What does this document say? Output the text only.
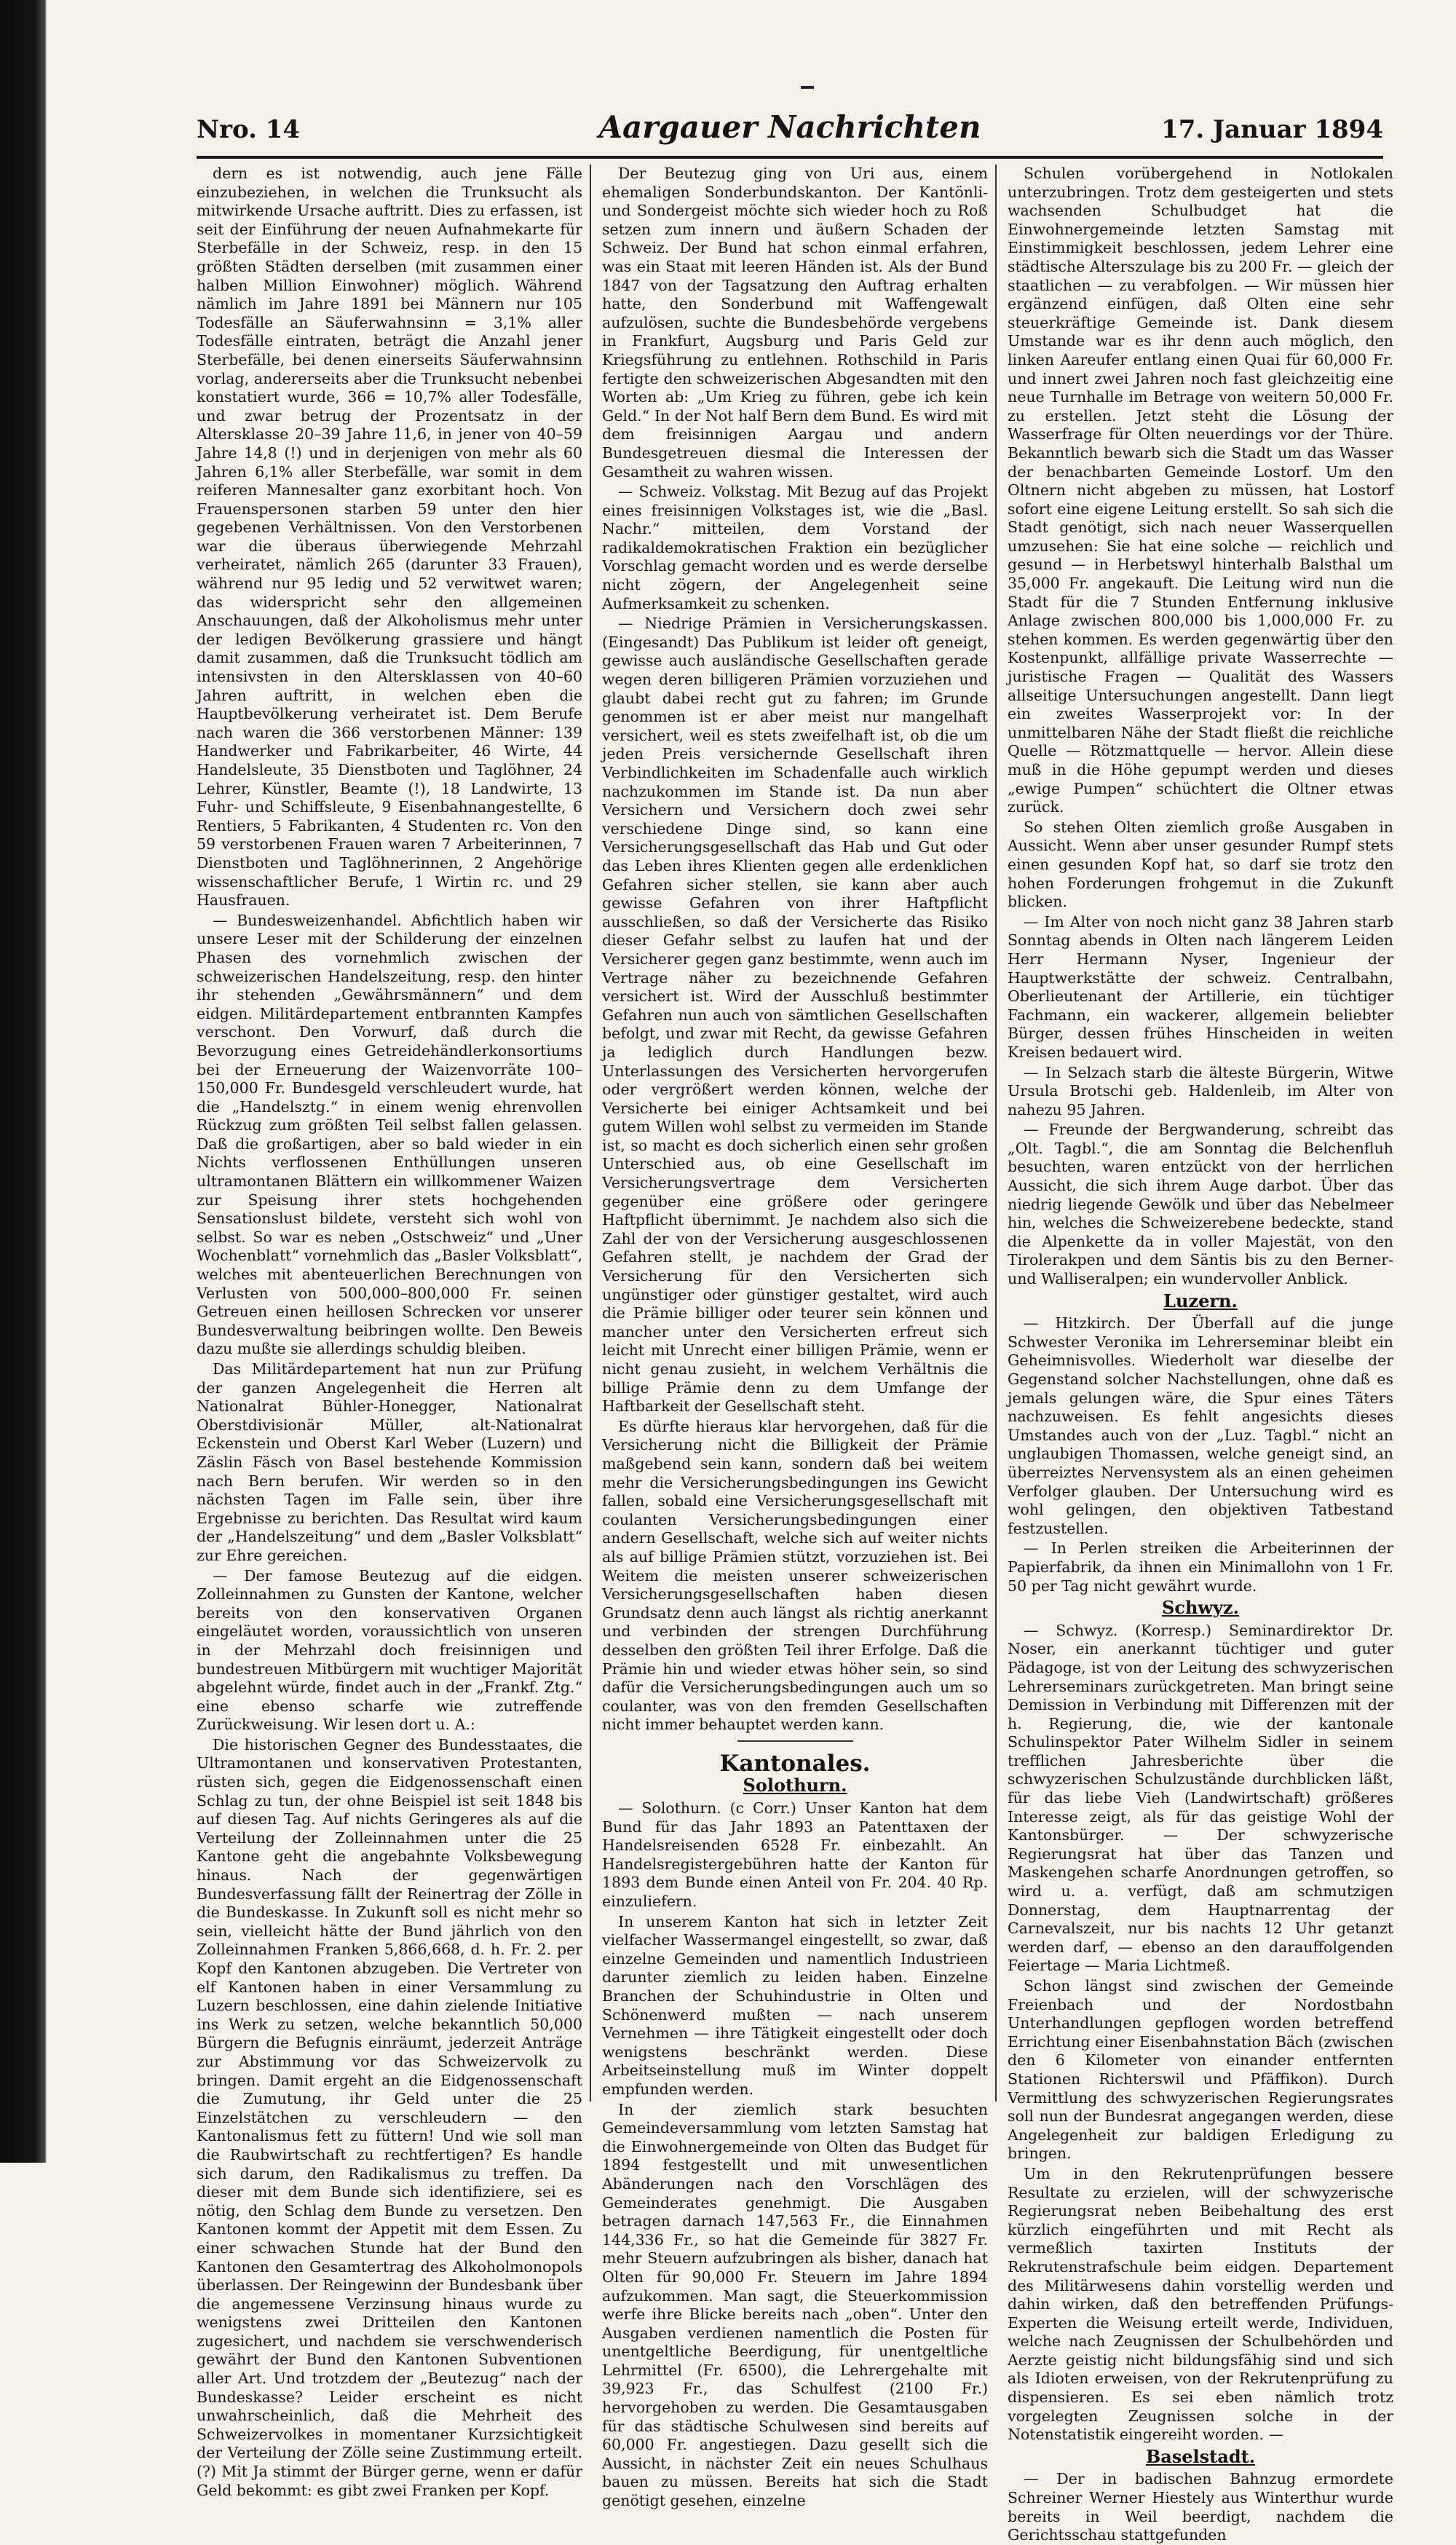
Nro. 14	Aargauer Nachrichten	17. Januar 1894

dern es ist notwendig, auch jene Fälle einzubeziehen, in welchen die Trunksucht als mitwirkende Ursache auftritt. Dies zu erfassen, ist seit der Einführung der neuen Aufnahmekarte für Sterbefälle in der Schweiz, resp. in den 15 größten Städten derselben (mit zusammen einer halben Million Einwohner) möglich. Während nämlich im Jahre 1891 bei Männern nur 105 Todesfälle an Säuferwahnsinn = 3,1% aller Todesfälle eintraten, beträgt die Anzahl jener Sterbefälle, bei denen einerseits Säuferwahnsinn vorlag, andererseits aber die Trunksucht nebenbei konstatiert wurde, 366 = 10,7% aller Todesfälle, und zwar betrug der Prozentsatz in der Altersklasse 20–39 Jahre 11,6, in jener von 40–59 Jahre 14,8 (!) und in derjenigen von mehr als 60 Jahren 6,1% aller Sterbefälle, war somit in dem reiferen Mannesalter ganz exorbitant hoch. Von Frauenspersonen starben 59 unter den hier gegebenen Verhältnissen. Von den Verstorbenen war die überaus überwiegende Mehrzahl verheiratet, nämlich 265 (darunter 33 Frauen), während nur 95 ledig und 52 verwitwet waren; das widerspricht sehr den allgemeinen Anschauungen, daß der Alkoholismus mehr unter der ledigen Bevölkerung grassiere und hängt damit zusammen, daß die Trunksucht tödlich am intensivsten in den Altersklassen von 40–60 Jahren auftritt, in welchen eben die Hauptbevölkerung verheiratet ist. Dem Berufe nach waren die 366 verstorbenen Männer: 139 Handwerker und Fabrikarbeiter, 46 Wirte, 44 Handelsleute, 35 Dienstboten und Taglöhner, 24 Lehrer, Künstler, Beamte (!), 18 Landwirte, 13 Fuhr- und Schiffsleute, 9 Eisenbahnangestellte, 6 Rentiers, 5 Fabrikanten, 4 Studenten rc. Von den 59 verstorbenen Frauen waren 7 Arbeiterinnen, 7 Dienstboten und Taglöhnerinnen, 2 Angehörige wissenschaftlicher Berufe, 1 Wirtin rc. und 29 Hausfrauen.

— Bundesweizenhandel. Abfichtlich haben wir unsere Leser mit der Schilderung der einzelnen Phasen des vornehmlich zwischen der schweizerischen Handelszeitung, resp. den hinter ihr stehenden „Gewährsmännern“ und dem eidgen. Militärdepartement entbrannten Kampfes verschont. Den Vorwurf, daß durch die Bevorzugung eines Getreidehändlerkonsortiums bei der Erneuerung der Waizenvorräte 100–150,000 Fr. Bundesgeld verschleudert wurde, hat die „Handelsztg.“ in einem wenig ehrenvollen Rückzug zum größten Teil selbst fallen gelassen. Daß die großartigen, aber so bald wieder in ein Nichts verflossenen Enthüllungen unseren ultramontanen Blättern ein willkommener Waizen zur Speisung ihrer stets hochgehenden Sensationslust bildete, versteht sich wohl von selbst. So war es neben „Ostschweiz“ und „Uner Wochenblatt“ vornehmlich das „Basler Volksblatt“, welches mit abenteuerlichen Berechnungen von Verlusten von 500,000–800,000 Fr. seinen Getreuen einen heillosen Schrecken vor unserer Bundesverwaltung beibringen wollte. Den Beweis dazu mußte sie allerdings schuldig bleiben.

Das Militärdepartement hat nun zur Prüfung der ganzen Angelegenheit die Herren alt Nationalrat Bühler-Honegger, Nationalrat Oberstdivisionär Müller, alt-Nationalrat Eckenstein und Oberst Karl Weber (Luzern) und Zäslin Fäsch von Basel bestehende Kommission nach Bern berufen. Wir werden so in den nächsten Tagen im Falle sein, über ihre Ergebnisse zu berichten. Das Resultat wird kaum der „Handelszeitung“ und dem „Basler Volksblatt“ zur Ehre gereichen.

— Der famose Beutezug auf die eidgen. Zolleinnahmen zu Gunsten der Kantone, welcher bereits von den konservativen Organen eingeläutet worden, voraussichtlich von unseren in der Mehrzahl doch freisinnigen und bundestreuen Mitbürgern mit wuchtiger Majorität abgelehnt würde, findet auch in der „Frankf. Ztg.“ eine ebenso scharfe wie zutreffende Zurückweisung. Wir lesen dort u. A.:

Die historischen Gegner des Bundesstaates, die Ultramontanen und konservativen Protestanten, rüsten sich, gegen die Eidgenossenschaft einen Schlag zu tun, der ohne Beispiel ist seit 1848 bis auf diesen Tag. Auf nichts Geringeres als auf die Verteilung der Zolleinnahmen unter die 25 Kantone geht die angebahnte Volksbewegung hinaus. Nach der gegenwärtigen Bundesverfassung fällt der Reinertrag der Zölle in die Bundeskasse. In Zukunft soll es nicht mehr so sein, vielleicht hätte der Bund jährlich von den Zolleinnahmen Franken 5,866,668, d. h. Fr. 2. per Kopf den Kantonen abzugeben. Die Vertreter von elf Kantonen haben in einer Versammlung zu Luzern beschlossen, eine dahin zielende Initiative ins Werk zu setzen, welche bekanntlich 50,000 Bürgern die Befugnis einräumt, jederzeit Anträge zur Abstimmung vor das Schweizervolk zu bringen. Damit ergeht an die Eidgenossenschaft die Zumutung, ihr Geld unter die 25 Einzelstätchen zu verschleudern — den Kantonalismus fett zu füttern! Und wie soll man die Raubwirtschaft zu rechtfertigen? Es handle sich darum, den Radikalismus zu treffen. Da dieser mit dem Bunde sich identifiziere, sei es nötig, den Schlag dem Bunde zu versetzen. Den Kantonen kommt der Appetit mit dem Essen. Zu einer schwachen Stunde hat der Bund den Kantonen den Gesamtertrag des Alkoholmonopols überlassen. Der Reingewinn der Bundesbank über die angemessene Verzinsung hinaus wurde zu wenigstens zwei Dritteilen den Kantonen zugesichert, und nachdem sie verschwenderisch gewährt der Bund den Kantonen Subventionen aller Art. Und trotzdem der „Beutezug“ nach der Bundeskasse? Leider erscheint es nicht unwahrscheinlich, daß die Mehrheit des Schweizervolkes in momentaner Kurzsichtigkeit der Verteilung der Zölle seine Zustimmung erteilt. (?) Mit Ja stimmt der Bürger gerne, wenn er dafür Geld bekommt: es gibt zwei Franken per Kopf.

Der Beutezug ging von Uri aus, einem ehemaligen Sonderbundskanton. Der Kantönli- und Sondergeist möchte sich wieder hoch zu Roß setzen zum innern und äußern Schaden der Schweiz. Der Bund hat schon einmal erfahren, was ein Staat mit leeren Händen ist. Als der Bund 1847 von der Tagsatzung den Auftrag erhalten hatte, den Sonderbund mit Waffengewalt aufzulösen, suchte die Bundesbehörde vergebens in Frankfurt, Augsburg und Paris Geld zur Kriegsführung zu entlehnen. Rothschild in Paris fertigte den schweizerischen Abgesandten mit den Worten ab: „Um Krieg zu führen, gebe ich kein Geld.“ In der Not half Bern dem Bund. Es wird mit dem freisinnigen Aargau und andern Bundesgetreuen diesmal die Interessen der Gesamtheit zu wahren wissen.

— Schweiz. Volkstag. Mit Bezug auf das Projekt eines freisinnigen Volkstages ist, wie die „Basl. Nachr.“ mitteilen, dem Vorstand der radikaldemokratischen Fraktion ein bezüglicher Vorschlag gemacht worden und es werde derselbe nicht zögern, der Angelegenheit seine Aufmerksamkeit zu schenken.

— Niedrige Prämien in Versicherungskassen. (Eingesandt) Das Publikum ist leider oft geneigt, gewisse auch ausländische Gesellschaften gerade wegen deren billigeren Prämien vorzuziehen und glaubt dabei recht gut zu fahren; im Grunde genommen ist er aber meist nur mangelhaft versichert, weil es stets zweifelhaft ist, ob die um jeden Preis versichernde Gesellschaft ihren Verbindlichkeiten im Schadenfalle auch wirklich nachzukommen im Stande ist. Da nun aber Versichern und Versichern doch zwei sehr verschiedene Dinge sind, so kann eine Versicherungsgesellschaft das Hab und Gut oder das Leben ihres Klienten gegen alle erdenklichen Gefahren sicher stellen, sie kann aber auch gewisse Gefahren von ihrer Haftpflicht ausschließen, so daß der Versicherte das Risiko dieser Gefahr selbst zu laufen hat und der Versicherer gegen ganz bestimmte, wenn auch im Vertrage näher zu bezeichnende Gefahren versichert ist. Wird der Ausschluß bestimmter Gefahren nun auch von sämtlichen Gesellschaften befolgt, und zwar mit Recht, da gewisse Gefahren ja lediglich durch Handlungen bezw. Unterlassungen des Versicherten hervorgerufen oder vergrößert werden können, welche der Versicherte bei einiger Achtsamkeit und bei gutem Willen wohl selbst zu vermeiden im Stande ist, so macht es doch sicherlich einen sehr großen Unterschied aus, ob eine Gesellschaft im Versicherungsvertrage dem Versicherten gegenüber eine größere oder geringere Haftpflicht übernimmt. Je nachdem also sich die Zahl der von der Versicherung ausgeschlossenen Gefahren stellt, je nachdem der Grad der Versicherung für den Versicherten sich ungünstiger oder günstiger gestaltet, wird auch die Prämie billiger oder teurer sein können und mancher unter den Versicherten erfreut sich leicht mit Unrecht einer billigen Prämie, wenn er nicht genau zusieht, in welchem Verhältnis die billige Prämie denn zu dem Umfange der Haftbarkeit der Gesellschaft steht.

Es dürfte hieraus klar hervorgehen, daß für die Versicherung nicht die Billigkeit der Prämie maßgebend sein kann, sondern daß bei weitem mehr die Versicherungsbedingungen ins Gewicht fallen, sobald eine Versicherungsgesellschaft mit coulanten Versicherungsbedingungen einer andern Gesellschaft, welche sich auf weiter nichts als auf billige Prämien stützt, vorzuziehen ist. Bei Weitem die meisten unserer schweizerischen Versicherungsgesellschaften haben diesen Grundsatz denn auch längst als richtig anerkannt und verbinden der strengen Durchführung desselben den größten Teil ihrer Erfolge. Daß die Prämie hin und wieder etwas höher sein, so sind dafür die Versicherungsbedingungen auch um so coulanter, was von den fremden Gesellschaften nicht immer behauptet werden kann.

Kantonales.
Solothurn.

— Solothurn. (c Corr.) Unser Kanton hat dem Bund für das Jahr 1893 an Patenttaxen der Handelsreisenden 6528 Fr. einbezahlt. An Handelsregistergebühren hatte der Kanton für 1893 dem Bunde einen Anteil von Fr. 204. 40 Rp. einzuliefern.

In unserem Kanton hat sich in letzter Zeit vielfacher Wassermangel eingestellt, so zwar, daß einzelne Gemeinden und namentlich Industrieen darunter ziemlich zu leiden haben. Einzelne Branchen der Schuhindustrie in Olten und Schönenwerd mußten — nach unserem Vernehmen — ihre Tätigkeit eingestellt oder doch wenigstens beschränkt werden. Diese Arbeitseinstellung muß im Winter doppelt empfunden werden.

In der ziemlich stark besuchten Gemeindeversammlung vom letzten Samstag hat die Einwohnergemeinde von Olten das Budget für 1894 festgestellt und mit unwesentlichen Abänderungen nach den Vorschlägen des Gemeinderates genehmigt. Die Ausgaben betragen darnach 147,563 Fr., die Einnahmen 144,336 Fr., so hat die Gemeinde für 3827 Fr. mehr Steuern aufzubringen als bisher, danach hat Olten für 90,000 Fr. Steuern im Jahre 1894 aufzukommen. Man sagt, die Steuerkommission werfe ihre Blicke bereits nach „oben“. Unter den Ausgaben verdienen namentlich die Posten für unentgeltliche Beerdigung, für unentgeltliche Lehrmittel (Fr. 6500), die Lehrergehalte mit 39,923 Fr., das Schulfest (2100 Fr.) hervorgehoben zu werden. Die Gesamtausgaben für das städtische Schulwesen sind bereits auf 60,000 Fr. angestiegen. Dazu gesellt sich die Aussicht, in nächster Zeit ein neues Schulhaus bauen zu müssen. Bereits hat sich die Stadt genötigt gesehen, einzelne

Schulen vorübergehend in Notlokalen unterzubringen. Trotz dem gesteigerten und stets wachsenden Schulbudget hat die Einwohnergemeinde letzten Samstag mit Einstimmigkeit beschlossen, jedem Lehrer eine städtische Alterszulage bis zu 200 Fr. — gleich der staatlichen — zu verabfolgen. — Wir müssen hier ergänzend einfügen, daß Olten eine sehr steuerkräftige Gemeinde ist. Dank diesem Umstande war es ihr denn auch möglich, den linken Aareufer entlang einen Quai für 60,000 Fr. und innert zwei Jahren noch fast gleichzeitig eine neue Turnhalle im Betrage von weitern 50,000 Fr. zu erstellen. Jetzt steht die Lösung der Wasserfrage für Olten neuerdings vor der Thüre. Bekanntlich bewarb sich die Stadt um das Wasser der benachbarten Gemeinde Lostorf. Um den Oltnern nicht abgeben zu müssen, hat Lostorf sofort eine eigene Leitung erstellt. So sah sich die Stadt genötigt, sich nach neuer Wasserquellen umzusehen: Sie hat eine solche — reichlich und gesund — in Herbetswyl hinterhalb Balsthal um 35,000 Fr. angekauft. Die Leitung wird nun die Stadt für die 7 Stunden Entfernung inklusive Anlage zwischen 800,000 bis 1,000,000 Fr. zu stehen kommen. Es werden gegenwärtig über den Kostenpunkt, allfällige private Wasserrechte — juristische Fragen — Qualität des Wassers allseitige Untersuchungen angestellt. Dann liegt ein zweites Wasserprojekt vor: In der unmittelbaren Nähe der Stadt fließt die reichliche Quelle — Rötzmattquelle — hervor. Allein diese muß in die Höhe gepumpt werden und dieses „ewige Pumpen“ schüchtert die Oltner etwas zurück.

So stehen Olten ziemlich große Ausgaben in Aussicht. Wenn aber unser gesunder Rumpf stets einen gesunden Kopf hat, so darf sie trotz den hohen Forderungen frohgemut in die Zukunft blicken.

— Im Alter von noch nicht ganz 38 Jahren starb Sonntag abends in Olten nach längerem Leiden Herr Hermann Nyser, Ingenieur der Hauptwerkstätte der schweiz. Centralbahn, Oberlieutenant der Artillerie, ein tüchtiger Fachmann, ein wackerer, allgemein beliebter Bürger, dessen frühes Hinscheiden in weiten Kreisen bedauert wird.

— In Selzach starb die älteste Bürgerin, Witwe Ursula Brotschi geb. Haldenleib, im Alter von nahezu 95 Jahren.

— Freunde der Bergwanderung, schreibt das „Olt. Tagbl.“, die am Sonntag die Belchenfluh besuchten, waren entzückt von der herrlichen Aussicht, die sich ihrem Auge darbot. Über das niedrig liegende Gewölk und über das Nebelmeer hin, welches die Schweizerebene bedeckte, stand die Alpenkette da in voller Majestät, von den Tirolerakpen und dem Säntis bis zu den Berner- und Walliseralpen; ein wundervoller Anblick.

Luzern.

— Hitzkirch. Der Überfall auf die junge Schwester Veronika im Lehrerseminar bleibt ein Geheimnisvolles. Wiederholt war dieselbe der Gegenstand solcher Nachstellungen, ohne daß es jemals gelungen wäre, die Spur eines Täters nachzuweisen. Es fehlt angesichts dieses Umstandes auch von der „Luz. Tagbl.“ nicht an unglaubigen Thomassen, welche geneigt sind, an überreiztes Nervensystem als an einen geheimen Verfolger glauben. Der Untersuchung wird es wohl gelingen, den objektiven Tatbestand festzustellen.

— In Perlen streiken die Arbeiterinnen der Papierfabrik, da ihnen ein Minimallohn von 1 Fr. 50 per Tag nicht gewährt wurde.

Schwyz.

— Schwyz. (Korresp.) Seminardirektor Dr. Noser, ein anerkannt tüchtiger und guter Pädagoge, ist von der Leitung des schwyzerischen Lehrerseminars zurückgetreten. Man bringt seine Demission in Verbindung mit Differenzen mit der h. Regierung, die, wie der kantonale Schulinspektor Pater Wilhelm Sidler in seinem trefflichen Jahresberichte über die schwyzerischen Schulzustände durchblicken läßt, für das liebe Vieh (Landwirtschaft) größeres Interesse zeigt, als für das geistige Wohl der Kantonsbürger. — Der schwyzerische Regierungsrat hat über das Tanzen und Maskengehen scharfe Anordnungen getroffen, so wird u. a. verfügt, daß am schmutzigen Donnerstag, dem Hauptnarrentag der Carnevalszeit, nur bis nachts 12 Uhr getanzt werden darf, — ebenso an den darauffolgenden Feiertage — Maria Lichtmeß.

Schon längst sind zwischen der Gemeinde Freienbach und der Nordostbahn Unterhandlungen gepflogen worden betreffend Errichtung einer Eisenbahnstation Bäch (zwischen den 6 Kilometer von einander entfernten Stationen Richterswil und Pfäffikon). Durch Vermittlung des schwyzerischen Regierungsrates soll nun der Bundesrat angegangen werden, diese Angelegenheit zur baldigen Erledigung zu bringen.

Um in den Rekrutenprüfungen bessere Resultate zu erzielen, will der schwyzerische Regierungsrat neben Beibehaltung des erst kürzlich eingeführten und mit Recht als vermeßlich taxirten Instituts der Rekrutenstrafschule beim eidgen. Departement des Militärwesens dahin vorstellig werden und dahin wirken, daß den betreffenden Prüfungs-Experten die Weisung erteilt werde, Individuen, welche nach Zeugnissen der Schulbehörden und Aerzte geistig nicht bildungsfähig sind und sich als Idioten erweisen, von der Rekrutenprüfung zu dispensieren. Es sei eben nämlich trotz vorgelegten Zeugnissen solche in der Notenstatistik eingereiht worden. —

Baselstadt.

— Der in badischen Bahnzug ermordete Schreiner Werner Hiestely aus Winterthur wurde bereits in Weil beerdigt, nachdem die Gerichtsschau stattgefunden
